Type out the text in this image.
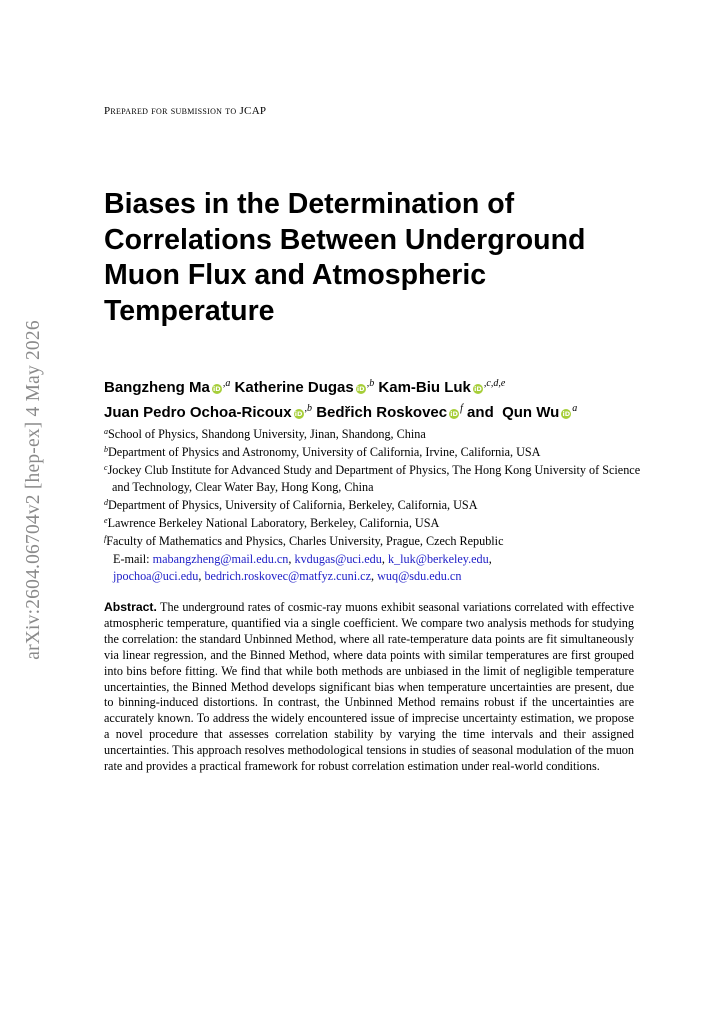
arXiv:2604.06704v2 [hep-ex] 4 May 2026
Prepared for submission to JCAP
Biases in the Determination of
Correlations Between Underground
Muon Flux and Atmospheric
Temperature
Bangzheng Ma iD $^{,a}$ Katherine Dugas iD $^{,b}$ Kam-Biu Luk iD $^{,c,d,e}$
Juan Pedro Ochoa-Ricoux iD $^{,b}$ Bedřich Roskovec iD $^f$ and  Qun Wu iD $^a$
$^a$School of Physics, Shandong University, Jinan, Shandong, China
$^b$Department of Physics and Astronomy, University of California, Irvine, California, USA
$^c$Jockey Club Institute for Advanced Study and Department of Physics, The Hong Kong University of Science and Technology, Clear Water Bay, Hong Kong, China
$^d$Department of Physics, University of California, Berkeley, California, USA
$^e$Lawrence Berkeley National Laboratory, Berkeley, California, USA
$^f$Faculty of Mathematics and Physics, Charles University, Prague, Czech Republic
E-mail: mabangzheng@mail.edu.cn, kvdugas@uci.edu, k_luk@berkeley.edu,
jpochoa@uci.edu, bedrich.roskovec@matfyz.cuni.cz, wuq@sdu.edu.cn
Abstract. The underground rates of cosmic-ray muons exhibit seasonal variations correlated with effective atmospheric temperature, quantified via a single coefficient. We compare two analysis methods for studying the correlation: the standard Unbinned Method, where all rate-temperature data points are fit simultaneously via linear regression, and the Binned Method, where data points with similar temperatures are first grouped into bins before fitting. We find that while both methods are unbiased in the limit of negligible temperature uncertainties, the Binned Method develops significant bias when temperature uncertainties are present, due to binning-induced distortions. In contrast, the Unbinned Method remains robust if the uncertainties are accurately known. To address the widely encountered issue of imprecise uncertainty estimation, we propose a novel procedure that assesses correlation stability by varying the time intervals and their assigned uncertainties. This approach resolves methodological tensions in studies of seasonal modulation of the muon rate and provides a practical framework for robust correlation estimation under real-world conditions.
